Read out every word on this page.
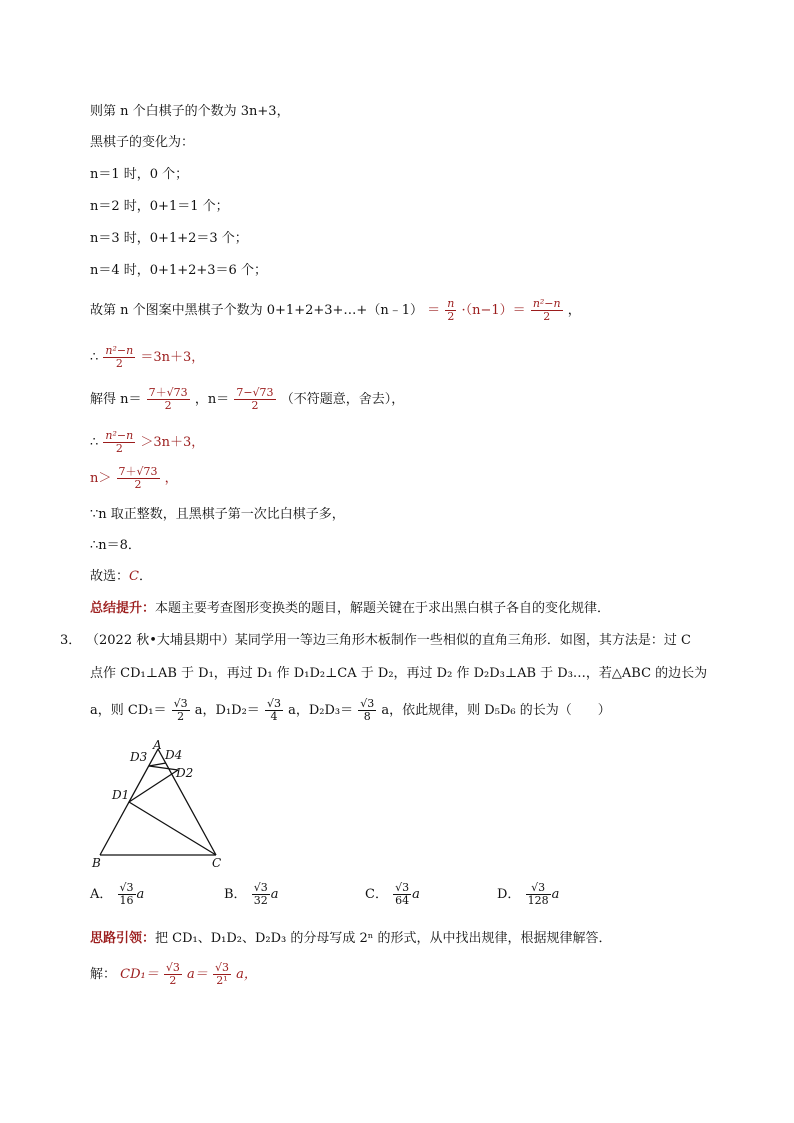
则第 n 个白棋子的个数为 3n+3，
黑棋子的变化为：
n＝1 时，0 个；
n＝2 时，0+1＝1 个；
n＝3 时，0+1+2＝3 个；
n＝4 时，0+1+2+3＝6 个；
故第 n 个图案中黑棋子个数为 0+1+2+3+…+（n﹣1） ＝ $\frac{n}{2} \cdot(n-1)= \frac{\text{n²−n}}{2}$ ，
∴ $\frac{\text{n²−n}}{2} =3n+3$，
解得 $n= \frac{7+√73}{2}$ ，$n= \frac{7-√73}{2}$ （不符题意，舍去），
∴ $\frac{\text{n²−n}}{2} >3n+3$，
$n> \frac{7+√73}{2}$ ，
∵n 取正整数，且黑棋子第一次比白棋子多，
∴n＝8．
故选：C．
总结提升：本题主要考查图形变换类的题目，解题关键在于求出黑白棋子各自的变化规律．
3． （2022 秋•大埔县期中）某同学用一等边三角形木板制作一些相似的直角三角形．如图，其方法是：过 C
点作 CD₁⊥AB 于 D₁，再过 D₁ 作 D₁D₂⊥CA 于 D₂，再过 D₂ 作 D₂D₃⊥AB 于 D₃…，若△ABC 的边长为
a，则 $CD_1= \frac{√3}{2}$ a，$D_1D_2= \frac{√3}{4}$ a，$D_2D_3= \frac{√3}{8}$ a，依此规律，则 D₅D₆ 的长为（　　）
A
D3 D4
D2
D1
B	C
A． $\frac{√3}{16}$ a	B． $\frac{√3}{32}$ a	C． $\frac{√3}{64}$ a	D． $\frac{√3}{128}$ a
思路引领：把 CD₁、D₁D₂、D₂D₃ 的分母写成 2ⁿ 的形式，从中找出规律，根据规律解答．
解： $CD_1= \frac{√3}{2} a= \frac{√3}{\text{2¹}}$ a，
